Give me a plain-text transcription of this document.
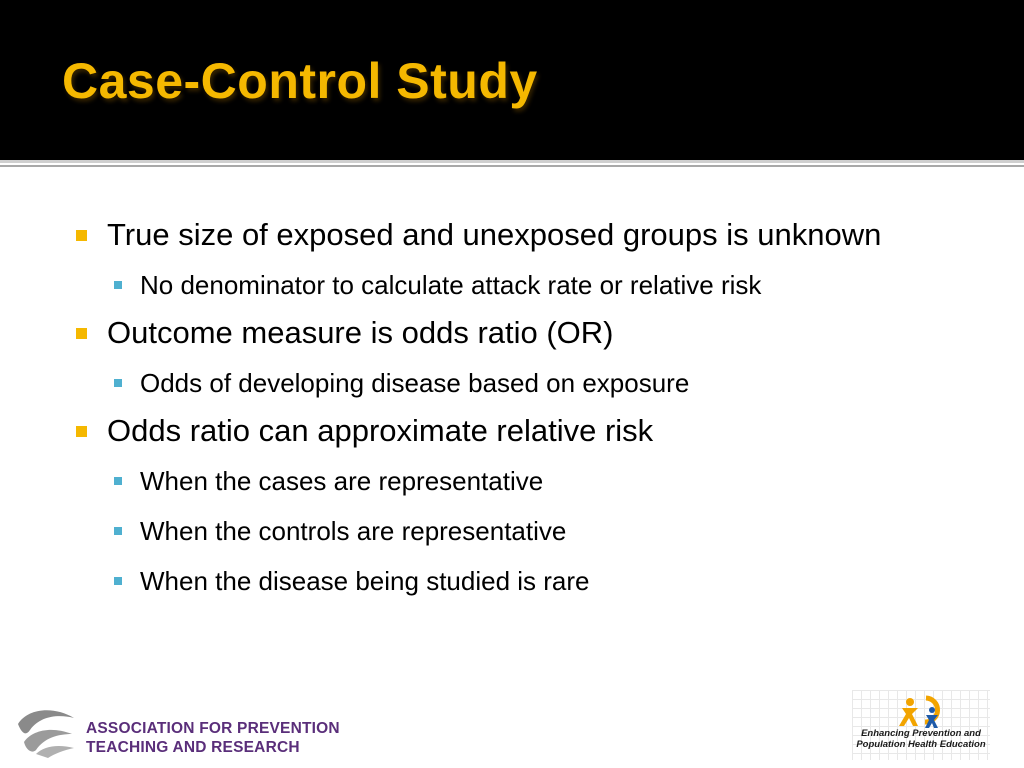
Case-Control Study
True size of exposed and unexposed groups is unknown
No denominator to calculate attack rate or relative risk
Outcome measure is odds ratio (OR)
Odds of developing disease based on exposure
Odds ratio can approximate relative risk
When the cases are representative
When the controls are representative
When the disease being studied is rare
ASSOCIATION FOR PREVENTION
TEACHING AND RESEARCH
Enhancing Prevention and
Population Health Education
